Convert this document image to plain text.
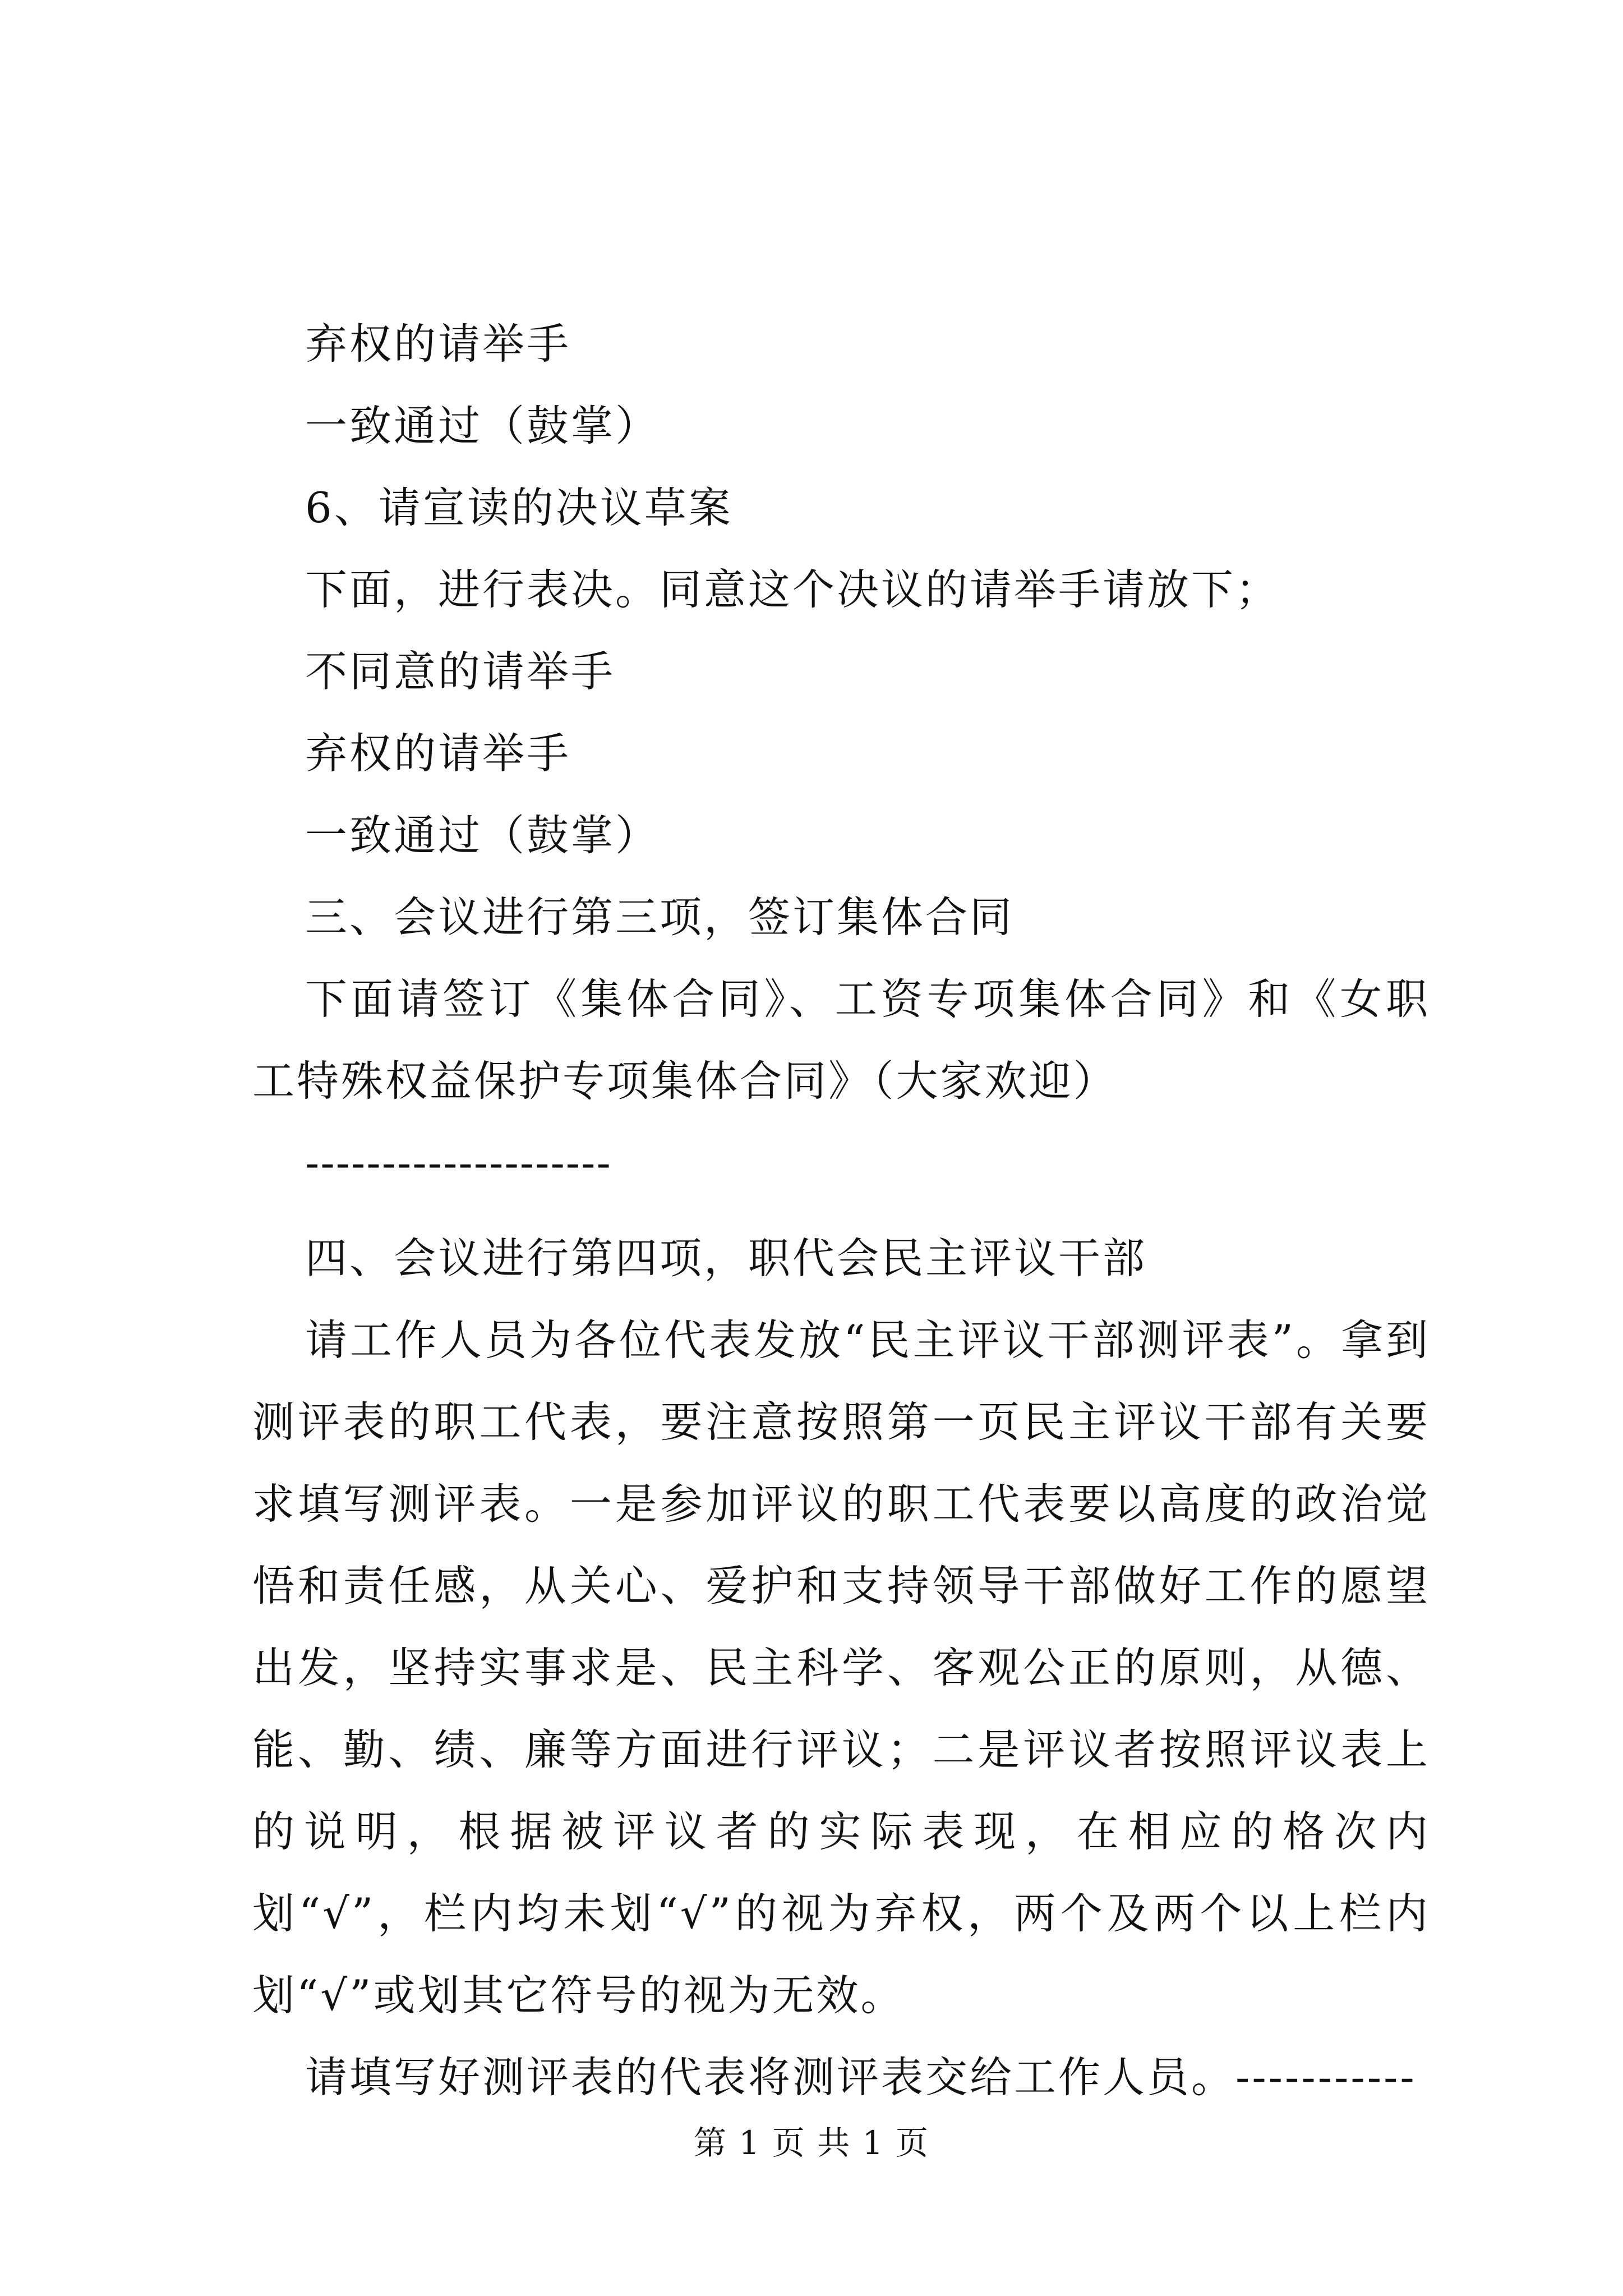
弃权的请举手

一致通过（鼓掌）

6、请宣读的决议草案

下面，进行表决。同意这个决议的请举手请放下；

不同意的请举手

弃权的请举手

一致通过（鼓掌）

三、会议进行第三项，签订集体合同

下面请签订《集体合同》、工资专项集体合同》和《女职工特殊权益保护专项集体合同》（大家欢迎）

--------------------

四、会议进行第四项，职代会民主评议干部

请工作人员为各位代表发放“民主评议干部测评表”。拿到测评表的职工代表，要注意按照第一页民主评议干部有关要求填写测评表。一是参加评议的职工代表要以高度的政治觉悟和责任感，从关心、爱护和支持领导干部做好工作的愿望出发，坚持实事求是、民主科学、客观公正的原则，从德、能、勤、绩、廉等方面进行评议；二是评议者按照评议表上的说明，根据被评议者的实际表现，在相应的格次内划“√”，栏内均未划“√”的视为弃权，两个及两个以上栏内划“√”或划其它符号的视为无效。

请填写好测评表的代表将测评表交给工作人员。-----------

第 1 页 共 1 页
